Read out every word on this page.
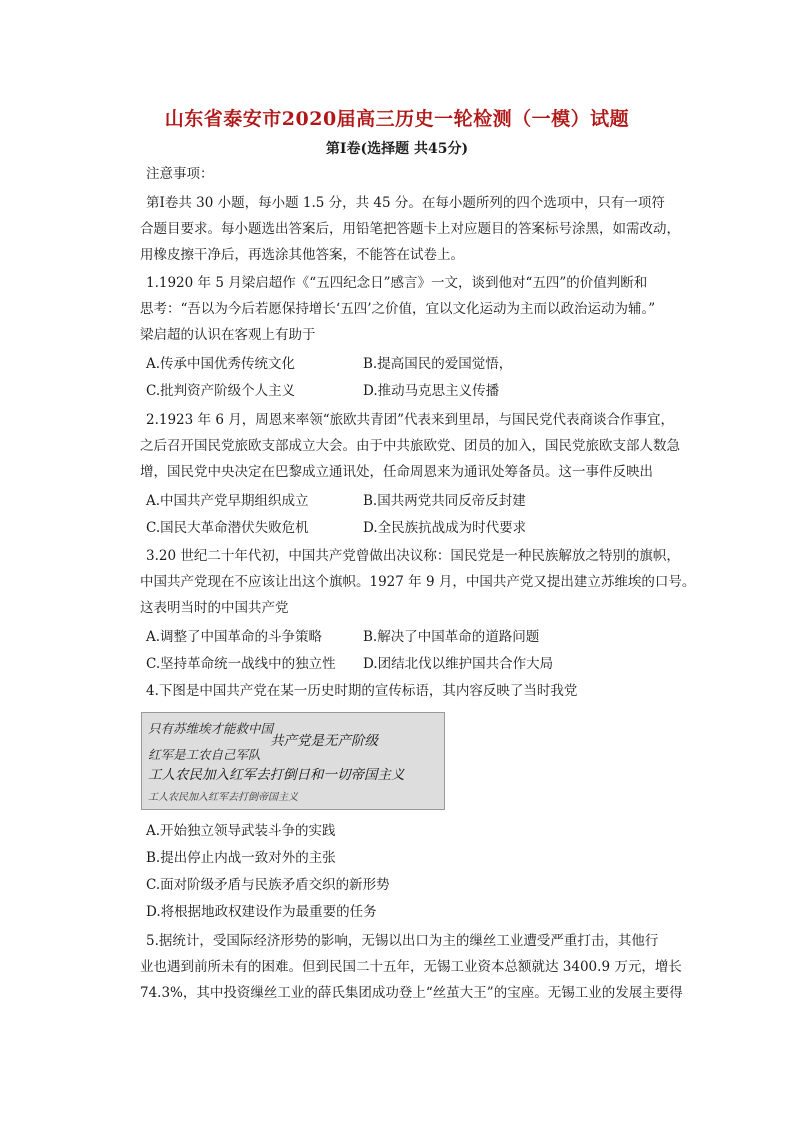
山东省泰安市2020届高三历史一轮检测（一模）试题
第Ⅰ卷(选择题 共45分)
注意事项：
第Ⅰ卷共 30 小题，每小题 1.5 分，共 45 分。在每小题所列的四个选项中，只有一项符
合题目要求。每小题选出答案后，用铅笔把答题卡上对应题目的答案标号涂黑，如需改动，
用橡皮擦干净后，再选涂其他答案，不能答在试卷上。
1.1920 年 5 月梁启超作《“五四纪念日”感言》一文，谈到他对“五四”的价值判断和
思考：“吾以为今后若愿保持增长‘五四’之价值，宜以文化运动为主而以政治运动为辅。”
梁启超的认识在客观上有助于
A.传承中国优秀传统文化	B.提高国民的爱国觉悟，
C.批判资产阶级个人主义	D.推动马克思主义传播
2.1923 年 6 月，周恩来率领“旅欧共青团”代表来到里昂，与国民党代表商谈合作事宜，
之后召开国民党旅欧支部成立大会。由于中共旅欧党、团员的加入，国民党旅欧支部人数急
增，国民党中央决定在巴黎成立通讯处，任命周恩来为通讯处筹备员。这一事件反映出
A.中国共产党早期组织成立	B.国共两党共同反帝反封建
C.国民大革命潜伏失败危机	D.全民族抗战成为时代要求
3.20 世纪二十年代初，中国共产党曾做出决议称：国民党是一种民族解放之特别的旗帜，
中国共产党现在不应该让出这个旗帜。1927 年 9 月，中国共产党又提出建立苏维埃的口号。
这表明当时的中国共产党
A.调整了中国革命的斗争策略	B.解决了中国革命的道路问题
C.坚持革命统一战线中的独立性 D.团结北伐以维护国共合作大局
4.下图是中国共产党在某一历史时期的宣传标语，其内容反映了当时我党
只有苏维埃才能救中国
共产党是无产阶级
红军是工农自己军队
工人农民加入红军去打倒日和一切帝国主义
工人农民加入红军去打倒帝国主义
A.开始独立领导武装斗争的实践
B.提出停止内战一致对外的主张
C.面对阶级矛盾与民族矛盾交织的新形势
D.将根据地政权建设作为最重要的任务
5.据统计，受国际经济形势的影响，无锡以出口为主的缫丝工业遭受严重打击，其他行
业也遇到前所未有的困难。但到民国二十五年，无锡工业资本总额就达 3400.9 万元，增长
74.3%，其中投资缫丝工业的薛氏集团成功登上“丝茧大王”的宝座。无锡工业的发展主要得
